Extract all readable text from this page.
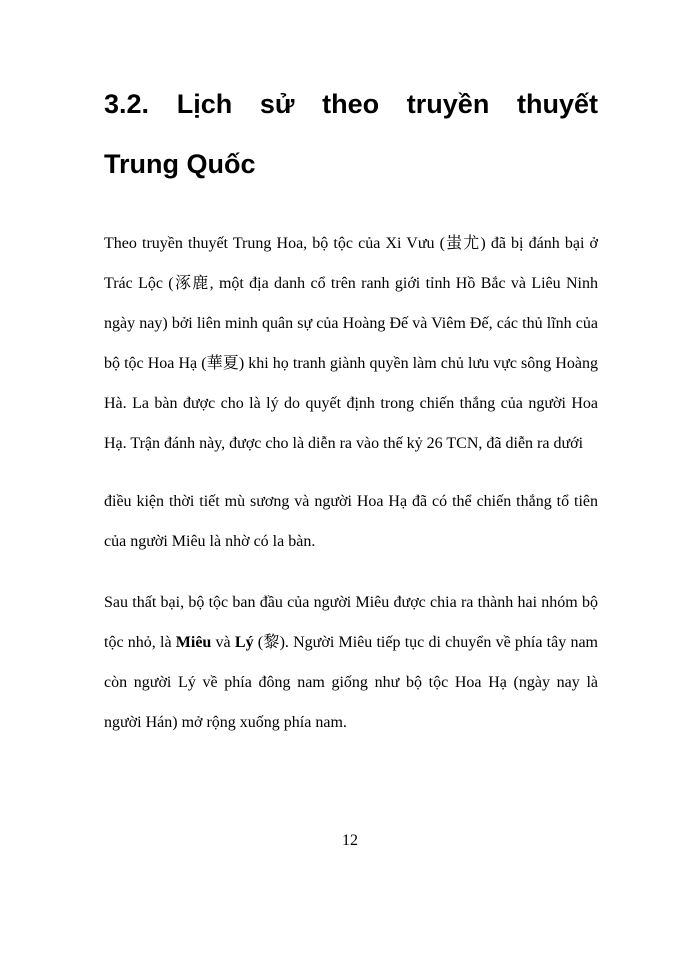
3.2. Lịch sử theo truyền thuyết
Trung Quốc
Theo truyền thuyết Trung Hoa, bộ tộc của Xi Vưu (蚩尤) đã bị đánh bại ở
Trác Lộc (涿鹿, một địa danh cổ trên ranh giới tỉnh Hồ Bắc và Liêu Ninh
ngày nay) bởi liên minh quân sự của Hoàng Đế và Viêm Đế, các thủ lĩnh của
bộ tộc Hoa Hạ (華夏) khi họ tranh giành quyền làm chủ lưu vực sông Hoàng
Hà. La bàn được cho là lý do quyết định trong chiến thắng của người Hoa
Hạ. Trận đánh này, được cho là diễn ra vào thế kỷ 26 TCN, đã diễn ra dưới
điều kiện thời tiết mù sương và người Hoa Hạ đã có thể chiến thắng tổ tiên
của người Miêu là nhờ có la bàn.
Sau thất bại, bộ tộc ban đầu của người Miêu được chia ra thành hai nhóm bộ
tộc nhỏ, là Miêu và Lý (黎). Người Miêu tiếp tục di chuyển về phía tây nam
còn người Lý về phía đông nam giống như bộ tộc Hoa Hạ (ngày nay là
người Hán) mở rộng xuống phía nam.
12
